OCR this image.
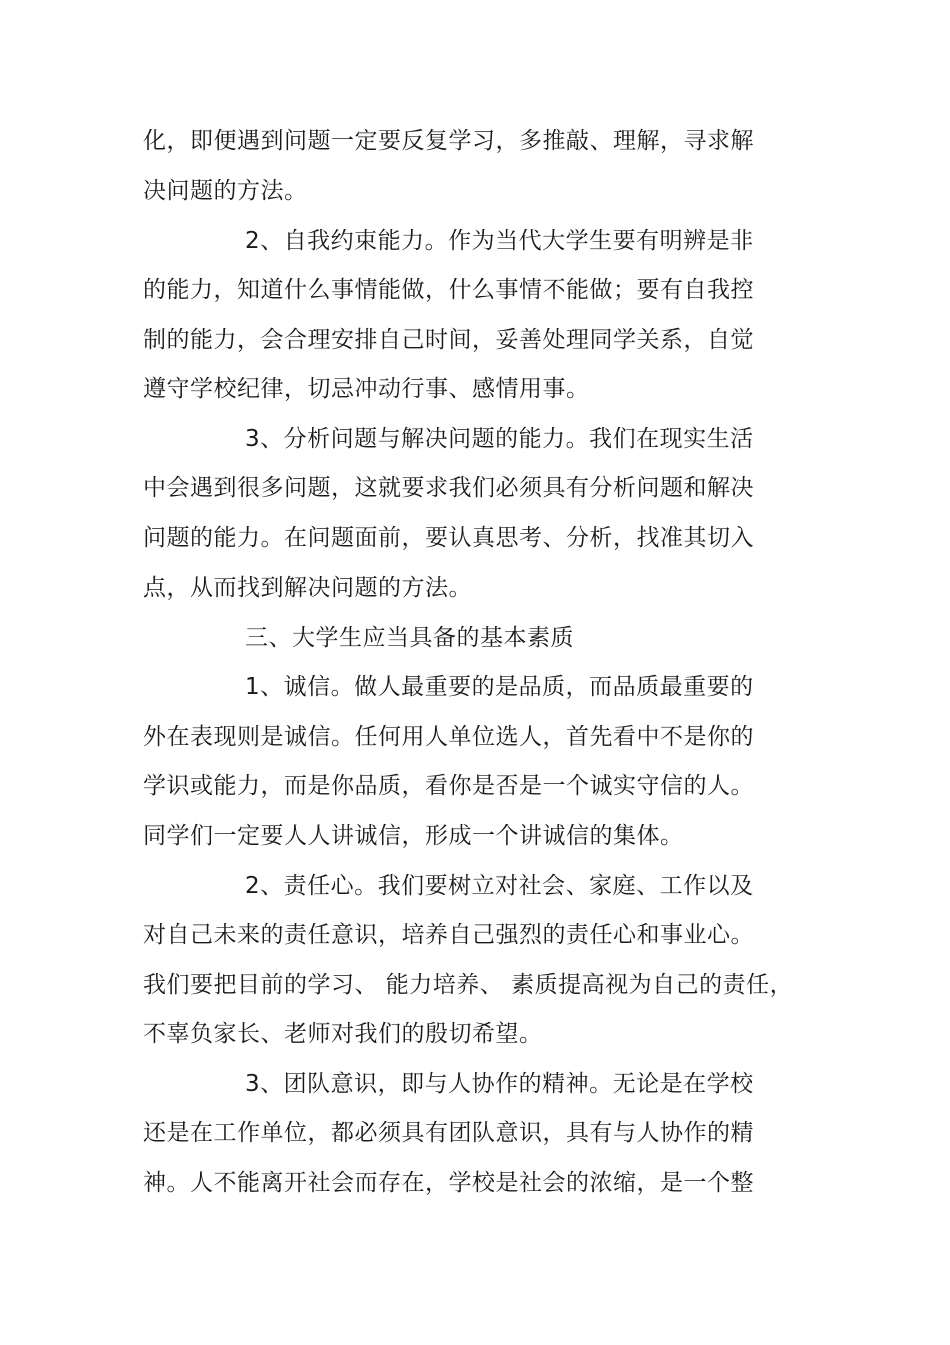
化，即便遇到问题一定要反复学习，多推敲、理解，寻求解
决问题的方法。
2、自我约束能力。作为当代大学生要有明辨是非
的能力，知道什么事情能做，什么事情不能做；要有自我控
制的能力，会合理安排自己时间，妥善处理同学关系，自觉
遵守学校纪律，切忌冲动行事、感情用事。
3、分析问题与解决问题的能力。我们在现实生活
中会遇到很多问题，这就要求我们必须具有分析问题和解决
问题的能力。在问题面前，要认真思考、分析，找准其切入
点，从而找到解决问题的方法。
三、大学生应当具备的基本素质
1、诚信。做人最重要的是品质，而品质最重要的
外在表现则是诚信。任何用人单位选人，首先看中不是你的
学识或能力，而是你品质，看你是否是一个诚实守信的人。
同学们一定要人人讲诚信，形成一个讲诚信的集体。
2、责任心。我们要树立对社会、家庭、工作以及
对自己未来的责任意识，培养自己强烈的责任心和事业心。
我们要把目前的学习、 能力培养、 素质提高视为自己的责任，
不辜负家长、老师对我们的殷切希望。
3、团队意识，即与人协作的精神。无论是在学校
还是在工作单位，都必须具有团队意识，具有与人协作的精
神。人不能离开社会而存在，学校是社会的浓缩，是一个整
